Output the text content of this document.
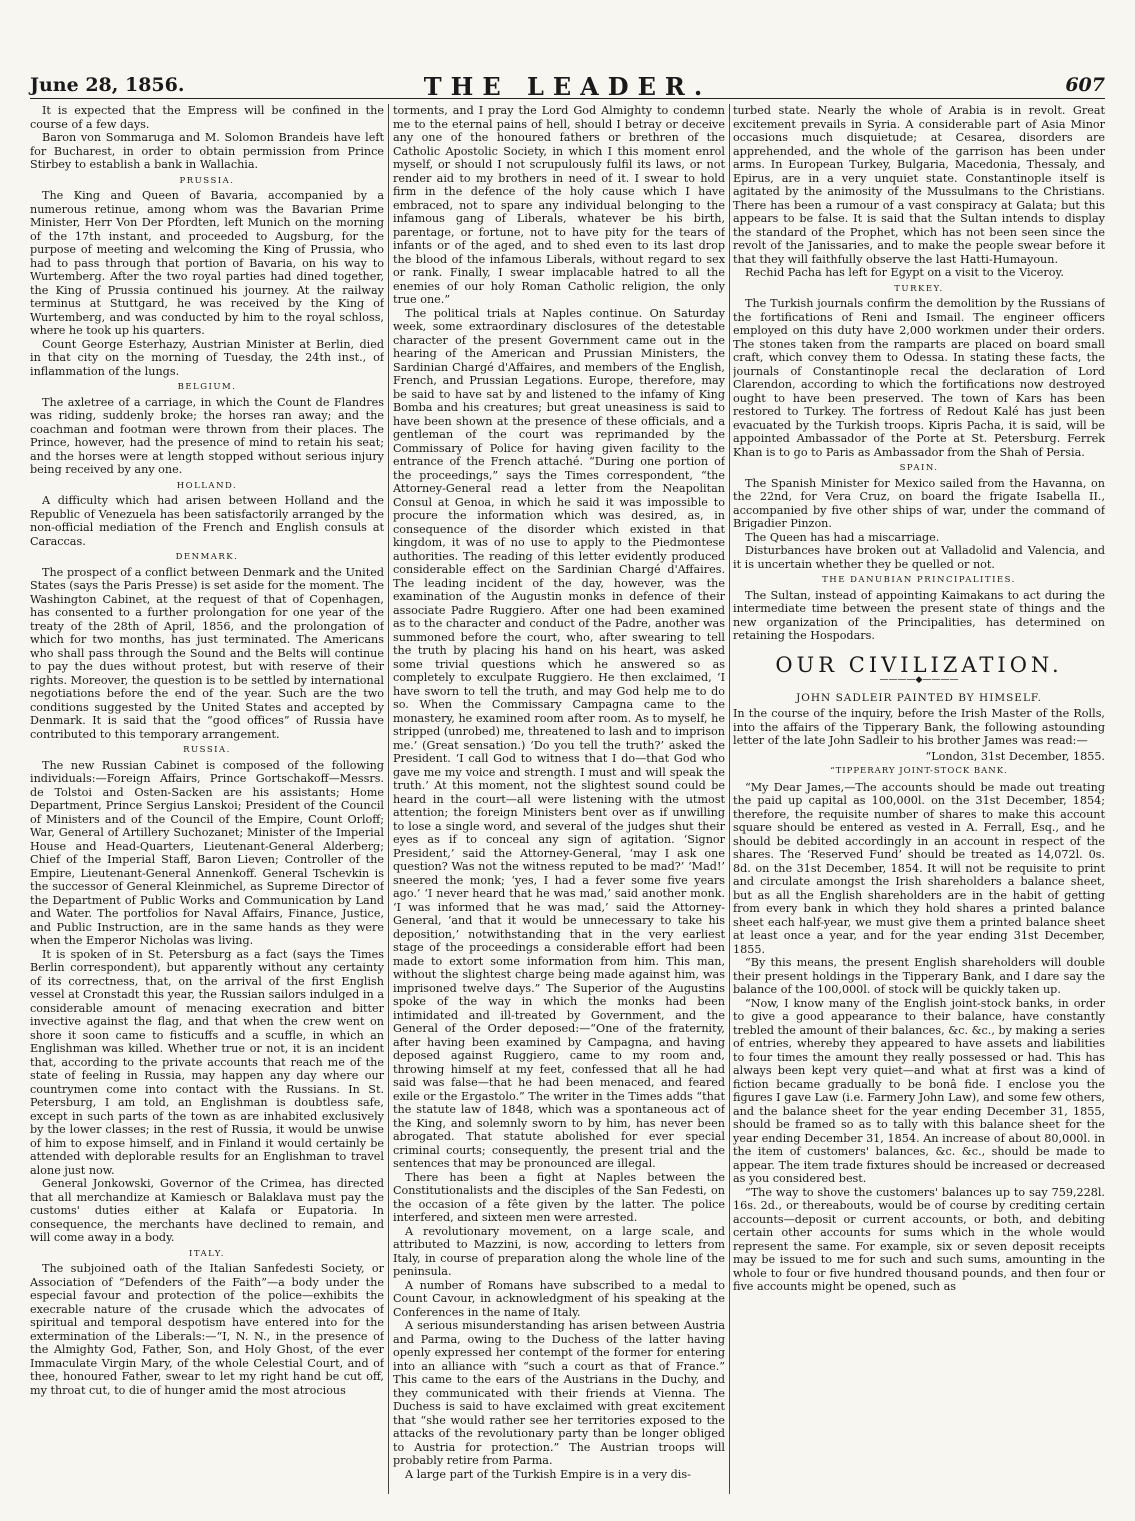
June 28, 1856.	THE LEADER.	607

It is expected that the Empress will be confined in the course of a few days.

Baron von Sommaruga and M. Solomon Brandeis have left for Bucharest, in order to obtain permission from Prince Stirbey to establish a bank in Wallachia.

PRUSSIA.

The King and Queen of Bavaria, accompanied by a numerous retinue, among whom was the Bavarian Prime Minister, Herr Von Der Pfordten, left Munich on the morning of the 17th instant, and proceeded to Augsburg, for the purpose of meeting and welcoming the King of Prussia, who had to pass through that portion of Bavaria, on his way to Wurtemberg. After the two royal parties had dined together, the King of Prussia continued his journey. At the railway terminus at Stuttgard, he was received by the King of Wurtemberg, and was conducted by him to the royal schloss, where he took up his quarters.

Count George Esterhazy, Austrian Minister at Berlin, died in that city on the morning of Tuesday, the 24th inst., of inflammation of the lungs.

BELGIUM.

The axletree of a carriage, in which the Count de Flandres was riding, suddenly broke; the horses ran away; and the coachman and footman were thrown from their places. The Prince, however, had the presence of mind to retain his seat; and the horses were at length stopped without serious injury being received by any one.

HOLLAND.

A difficulty which had arisen between Holland and the Republic of Venezuela has been satisfactorily arranged by the non-official mediation of the French and English consuls at Caraccas.

DENMARK.

The prospect of a conflict between Denmark and the United States (says the Paris Presse) is set aside for the moment. The Washington Cabinet, at the request of that of Copenhagen, has consented to a further prolongation for one year of the treaty of the 28th of April, 1856, and the prolongation of which for two months, has just terminated. The Americans who shall pass through the Sound and the Belts will continue to pay the dues without protest, but with reserve of their rights. Moreover, the question is to be settled by international negotiations before the end of the year. Such are the two conditions suggested by the United States and accepted by Denmark. It is said that the “good offices” of Russia have contributed to this temporary arrangement.

RUSSIA.

The new Russian Cabinet is composed of the following individuals:—Foreign Affairs, Prince Gortschakoff—Messrs. de Tolstoi and Osten-Sacken are his assistants; Home Department, Prince Sergius Lanskoi; President of the Council of Ministers and of the Council of the Empire, Count Orloff; War, General of Artillery Suchozanet; Minister of the Imperial House and Head-Quarters, Lieutenant-General Alderberg; Chief of the Imperial Staff, Baron Lieven; Controller of the Empire, Lieutenant-General Annenkoff. General Tschevkin is the successor of General Kleinmichel, as Supreme Director of the Department of Public Works and Communication by Land and Water. The portfolios for Naval Affairs, Finance, Justice, and Public Instruction, are in the same hands as they were when the Emperor Nicholas was living.

It is spoken of in St. Petersburg as a fact (says the Times Berlin correspondent), but apparently without any certainty of its correctness, that, on the arrival of the first English vessel at Cronstadt this year, the Russian sailors indulged in a considerable amount of menacing execration and bitter invective against the flag, and that when the crew went on shore it soon came to fisticuffs and a scuffle, in which an Englishman was killed. Whether true or not, it is an incident that, according to the private accounts that reach me of the state of feeling in Russia, may happen any day where our countrymen come into contact with the Russians. In St. Petersburg, I am told, an Englishman is doubtless safe, except in such parts of the town as are inhabited exclusively by the lower classes; in the rest of Russia, it would be unwise of him to expose himself, and in Finland it would certainly be attended with deplorable results for an Englishman to travel alone just now.

General Jonkowski, Governor of the Crimea, has directed that all merchandize at Kamiesch or Balaklava must pay the customs' duties either at Kalafa or Eupatoria. In consequence, the merchants have declined to remain, and will come away in a body.

ITALY.

The subjoined oath of the Italian Sanfedesti Society, or Association of “Defenders of the Faith”—a body under the especial favour and protection of the police—exhibits the execrable nature of the crusade which the advocates of spiritual and temporal despotism have entered into for the extermination of the Liberals:—“I, N. N., in the presence of the Almighty God, Father, Son, and Holy Ghost, of the ever Immaculate Virgin Mary, of the whole Celestial Court, and of thee, honoured Father, swear to let my right hand be cut off, my throat cut, to die of hunger amid the most atrocious

torments, and I pray the Lord God Almighty to condemn me to the eternal pains of hell, should I betray or deceive any one of the honoured fathers or brethren of the Catholic Apostolic Society, in which I this moment enrol myself, or should I not scrupulously fulfil its laws, or not render aid to my brothers in need of it. I swear to hold firm in the defence of the holy cause which I have embraced, not to spare any individual belonging to the infamous gang of Liberals, whatever be his birth, parentage, or fortune, not to have pity for the tears of infants or of the aged, and to shed even to its last drop the blood of the infamous Liberals, without regard to sex or rank. Finally, I swear implacable hatred to all the enemies of our holy Roman Catholic religion, the only true one.”

The political trials at Naples continue. On Saturday week, some extraordinary disclosures of the detestable character of the present Government came out in the hearing of the American and Prussian Ministers, the Sardinian Chargé d'Affaires, and members of the English, French, and Prussian Legations. Europe, therefore, may be said to have sat by and listened to the infamy of King Bomba and his creatures; but great uneasiness is said to have been shown at the presence of these officials, and a gentleman of the court was reprimanded by the Commissary of Police for having given facility to the entrance of the French attaché. “During one portion of the proceedings,” says the Times correspondent, “the Attorney-General read a letter from the Neapolitan Consul at Genoa, in which he said it was impossible to procure the information which was desired, as, in consequence of the disorder which existed in that kingdom, it was of no use to apply to the Piedmontese authorities. The reading of this letter evidently produced considerable effect on the Sardinian Chargé d'Affaires. The leading incident of the day, however, was the examination of the Augustin monks in defence of their associate Padre Ruggiero. After one had been examined as to the character and conduct of the Padre, another was summoned before the court, who, after swearing to tell the truth by placing his hand on his heart, was asked some trivial questions which he answered so as completely to exculpate Ruggiero. He then exclaimed, ‘I have sworn to tell the truth, and may God help me to do so. When the Commissary Campagna came to the monastery, he examined room after room. As to myself, he stripped (unrobed) me, threatened to lash and to imprison me.’ (Great sensation.) ‘Do you tell the truth?’ asked the President. ‘I call God to witness that I do—that God who gave me my voice and strength. I must and will speak the truth.’ At this moment, not the slightest sound could be heard in the court—all were listening with the utmost attention; the foreign Ministers bent over as if unwilling to lose a single word, and several of the judges shut their eyes as if to conceal any sign of agitation. ‘Signor President,’ said the Attorney-General, ‘may I ask one question? Was not the witness reputed to be mad?’ ‘Mad!’ sneered the monk; ‘yes, I had a fever some five years ago.’ ‘I never heard that he was mad,’ said another monk. ‘I was informed that he was mad,’ said the Attorney-General, ‘and that it would be unnecessary to take his deposition,’ notwithstanding that in the very earliest stage of the proceedings a considerable effort had been made to extort some information from him. This man, without the slightest charge being made against him, was imprisoned twelve days.” The Superior of the Augustins spoke of the way in which the monks had been intimidated and ill-treated by Government, and the General of the Order deposed:—“One of the fraternity, after having been examined by Campagna, and having deposed against Ruggiero, came to my room and, throwing himself at my feet, confessed that all he had said was false—that he had been menaced, and feared exile or the Ergastolo.” The writer in the Times adds “that the statute law of 1848, which was a spontaneous act of the King, and solemnly sworn to by him, has never been abrogated. That statute abolished for ever special criminal courts; consequently, the present trial and the sentences that may be pronounced are illegal.

There has been a fight at Naples between the Constitutionalists and the disciples of the San Fedesti, on the occasion of a fête given by the latter. The police interfered, and sixteen men were arrested.

A revolutionary movement, on a large scale, and attributed to Mazzini, is now, according to letters from Italy, in course of preparation along the whole line of the peninsula.

A number of Romans have subscribed to a medal to Count Cavour, in acknowledgment of his speaking at the Conferences in the name of Italy.

A serious misunderstanding has arisen between Austria and Parma, owing to the Duchess of the latter having openly expressed her contempt of the former for entering into an alliance with “such a court as that of France.” This came to the ears of the Austrians in the Duchy, and they communicated with their friends at Vienna. The Duchess is said to have exclaimed with great excitement that “she would rather see her territories exposed to the attacks of the revolutionary party than be longer obliged to Austria for protection.” The Austrian troops will probably retire from Parma.

A large part of the Turkish Empire is in a very dis-

turbed state. Nearly the whole of Arabia is in revolt. Great excitement prevails in Syria. A considerable part of Asia Minor occasions much disquietude; at Cesarea, disorders are apprehended, and the whole of the garrison has been under arms. In European Turkey, Bulgaria, Macedonia, Thessaly, and Epirus, are in a very unquiet state. Constantinople itself is agitated by the animosity of the Mussulmans to the Christians. There has been a rumour of a vast conspiracy at Galata; but this appears to be false. It is said that the Sultan intends to display the standard of the Prophet, which has not been seen since the revolt of the Janissaries, and to make the people swear before it that they will faithfully observe the last Hatti-Humayoun.

Rechid Pacha has left for Egypt on a visit to the Viceroy.

TURKEY.

The Turkish journals confirm the demolition by the Russians of the fortifications of Reni and Ismail. The engineer officers employed on this duty have 2,000 workmen under their orders. The stones taken from the ramparts are placed on board small craft, which convey them to Odessa. In stating these facts, the journals of Constantinople recal the declaration of Lord Clarendon, according to which the fortifications now destroyed ought to have been preserved. The town of Kars has been restored to Turkey. The fortress of Redout Kalé has just been evacuated by the Turkish troops. Kipris Pacha, it is said, will be appointed Ambassador of the Porte at St. Petersburg. Ferrek Khan is to go to Paris as Ambassador from the Shah of Persia.

SPAIN.

The Spanish Minister for Mexico sailed from the Havanna, on the 22nd, for Vera Cruz, on board the frigate Isabella II., accompanied by five other ships of war, under the command of Brigadier Pinzon.

The Queen has had a miscarriage.

Disturbances have broken out at Valladolid and Valencia, and it is uncertain whether they be quelled or not.

THE DANUBIAN PRINCIPALITIES.

The Sultan, instead of appointing Kaimakans to act during the intermediate time between the present state of things and the new organization of the Principalities, has determined on retaining the Hospodars.

OUR CIVILIZATION.
————◆————
JOHN SADLEIR PAINTED BY HIMSELF.

In the course of the inquiry, before the Irish Master of the Rolls, into the affairs of the Tipperary Bank, the following astounding letter of the late John Sadleir to his brother James was read:—

“London, 31st December, 1855.
“TIPPERARY JOINT-STOCK BANK.

“My Dear James,—The accounts should be made out treating the paid up capital as 100,000l. on the 31st December, 1854; therefore, the requisite number of shares to make this account square should be entered as vested in A. Ferrall, Esq., and he should be debited accordingly in an account in respect of the shares. The ‘Reserved Fund’ should be treated as 14,072l. 0s. 8d. on the 31st December, 1854. It will not be requisite to print and circulate amongst the Irish shareholders a balance sheet, but as all the English shareholders are in the habit of getting from every bank in which they hold shares a printed balance sheet each half-year, we must give them a printed balance sheet at least once a year, and for the year ending 31st December, 1855.

“By this means, the present English shareholders will double their present holdings in the Tipperary Bank, and I dare say the balance of the 100,000l. of stock will be quickly taken up.

“Now, I know many of the English joint-stock banks, in order to give a good appearance to their balance, have constantly trebled the amount of their balances, &c. &c., by making a series of entries, whereby they appeared to have assets and liabilities to four times the amount they really possessed or had. This has always been kept very quiet—and what at first was a kind of fiction became gradually to be bonâ fide. I enclose you the figures I gave Law (i.e. Farmery John Law), and some few others, and the balance sheet for the year ending December 31, 1855, should be framed so as to tally with this balance sheet for the year ending December 31, 1854. An increase of about 80,000l. in the item of customers' balances, &c. &c., should be made to appear. The item trade fixtures should be increased or decreased as you considered best.

“The way to shove the customers' balances up to say 759,228l. 16s. 2d., or thereabouts, would be of course by crediting certain accounts—deposit or current accounts, or both, and debiting certain other accounts for sums which in the whole would represent the same. For example, six or seven deposit receipts may be issued to me for such and such sums, amounting in the whole to four or five hundred thousand pounds, and then four or five accounts might be opened, such as
